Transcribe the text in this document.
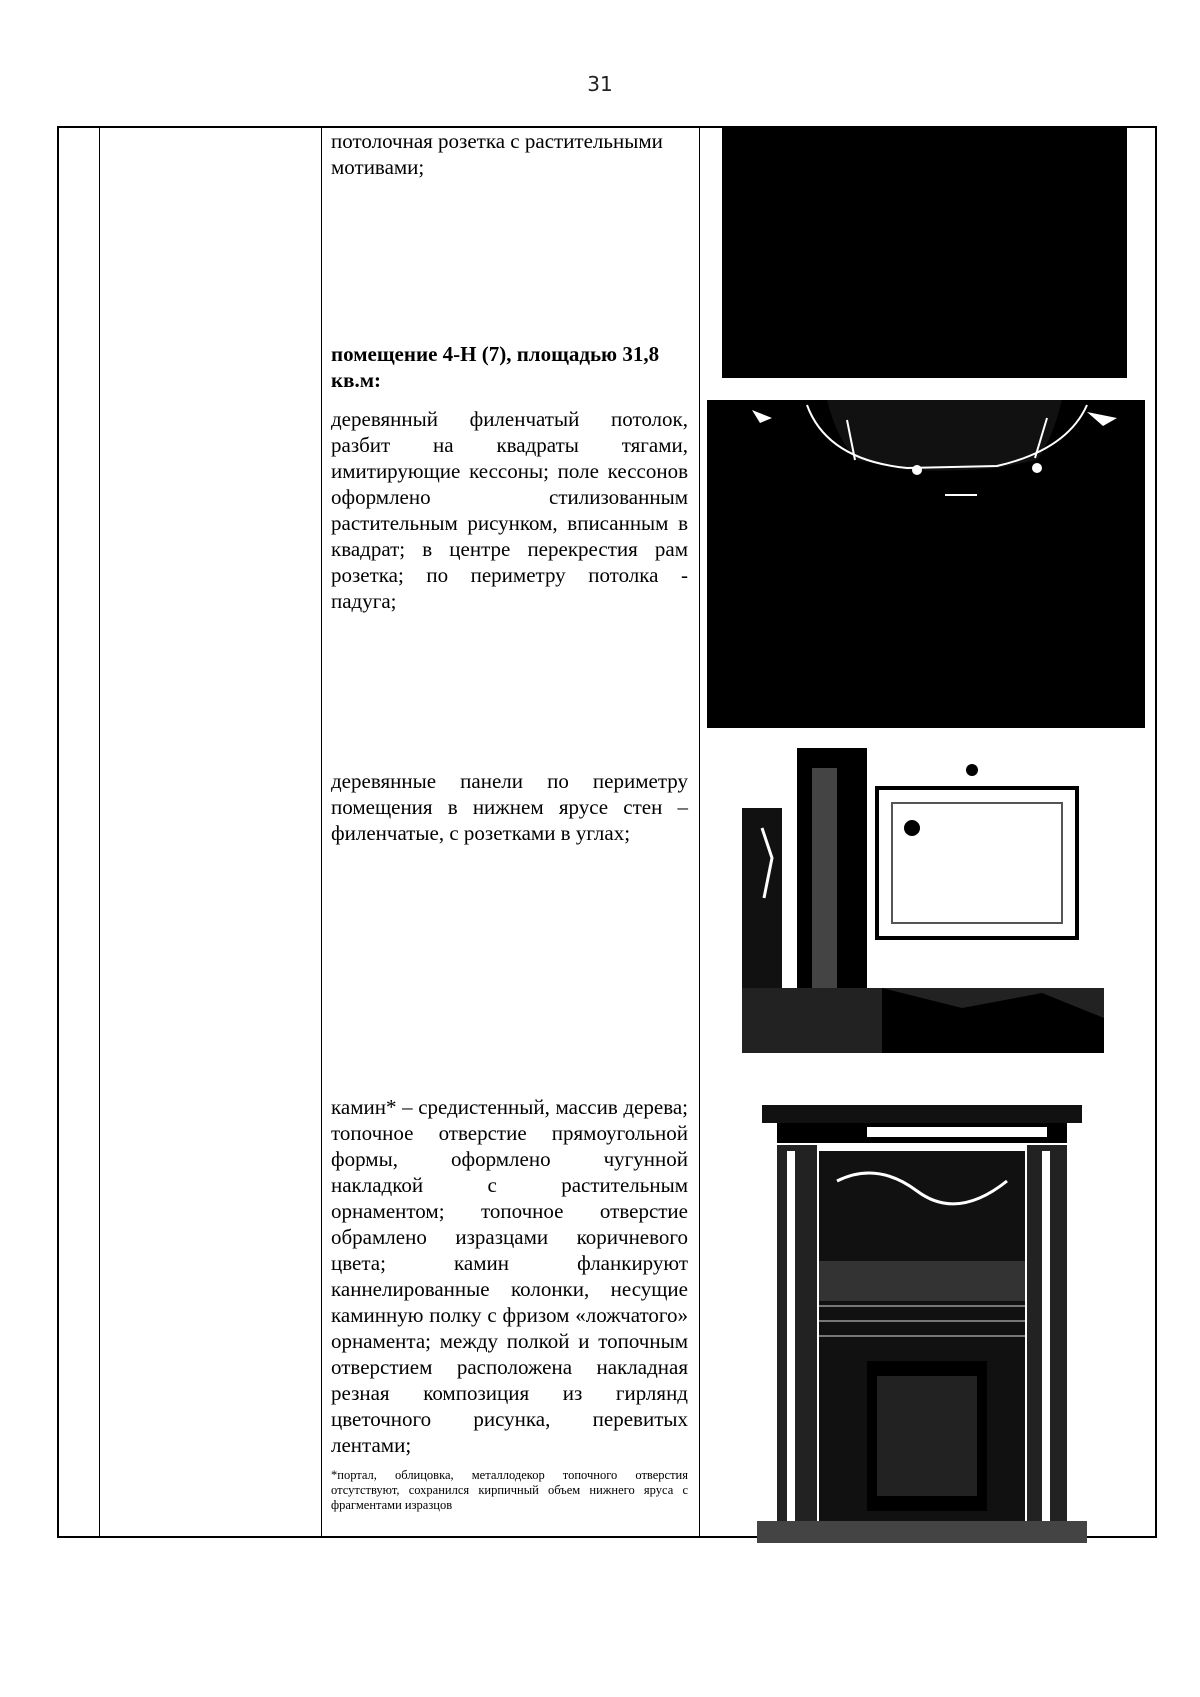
31
потолочная розетка с растительными мотивами;
помещение 4-Н (7), площадью 31,8 кв.м:
деревянный филенчатый потолок, разбит на квадраты тягами, имитирующие кессоны; поле кессонов оформлено стилизованным растительным рисунком, вписанным в квадрат; в центре перекрестия рам розетка; по периметру потолка - падуга;
деревянные панели по периметру помещения в нижнем ярусе стен – филенчатые, с розетками в углах;
камин* – средистенный, массив дерева; топочное отверстие прямоугольной формы, оформлено чугунной накладкой с растительным орнаментом; топочное отверстие обрамлено изразцами коричневого цвета; камин фланкируют каннелированные колонки, несущие каминную полку с фризом «ложчатого» орнамента; между полкой и топочным отверстием расположена накладная резная композиция из гирлянд цветочного рисунка, перевитых лентами;
*портал, облицовка, металлодекор топочного отверстия отсутствуют, сохранился кирпичный объем нижнего яруса с фрагментами изразцов
